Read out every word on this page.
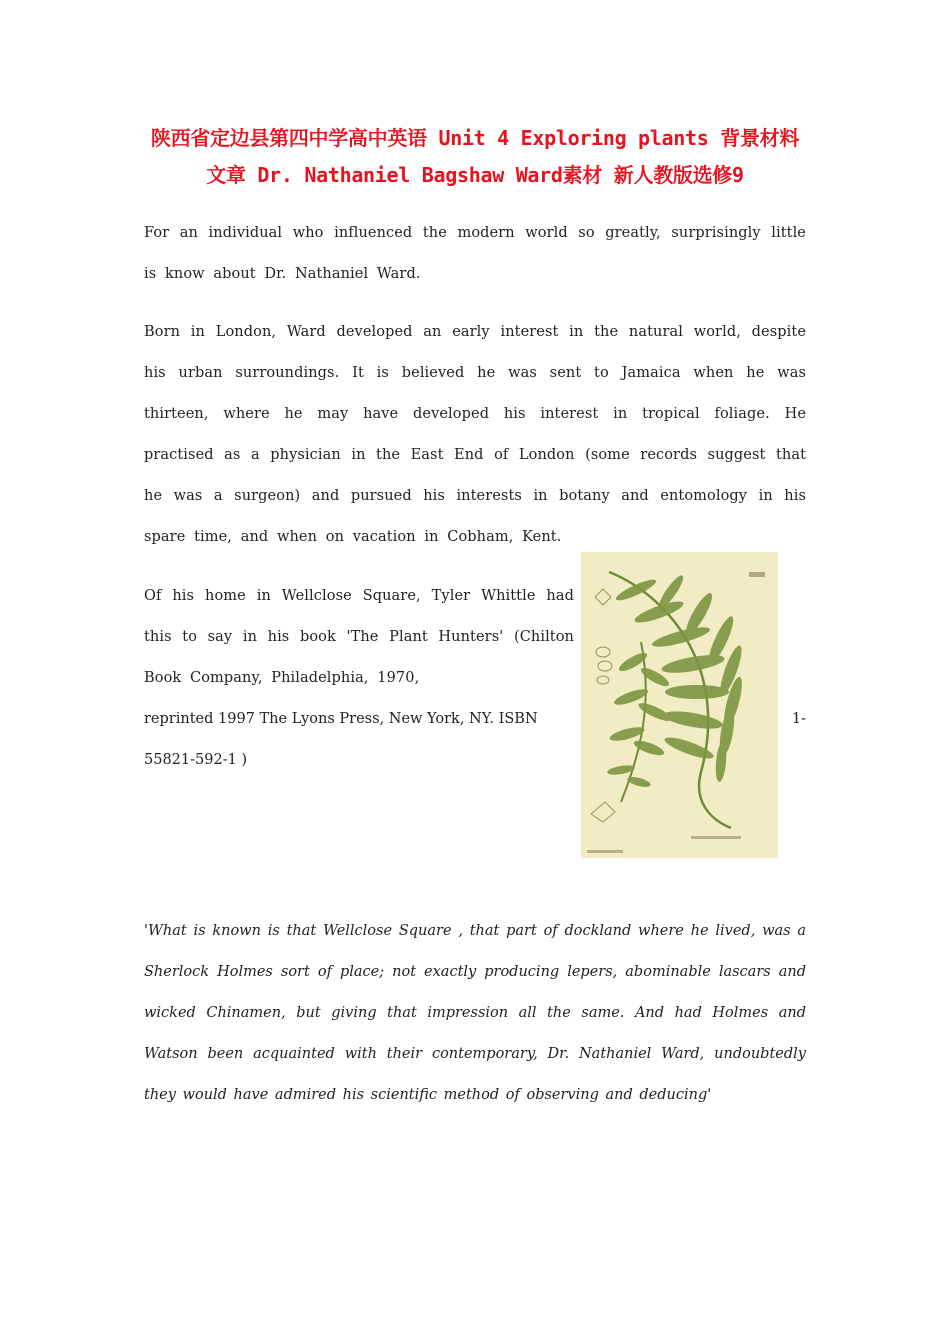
陕西省定边县第四中学高中英语 Unit 4 Exploring plants 背景材料 文章 Dr. Nathaniel Bagshaw Ward素材 新人教版选修9
For an individual who influenced the modern world so greatly, surprisingly little is know about Dr. Nathaniel Ward.
Born in London, Ward developed an early interest in the natural world, despite his urban surroundings. It is believed he was sent to Jamaica when he was thirteen, where he may have developed his interest in tropical foliage. He practised as a physician in the East End of London (some records suggest that he was a surgeon) and pursued his interests in botany and entomology in his spare time, and when on vacation in Cobham, Kent.
Of his home in Wellclose Square, Tyler Whittle had this to say in his book 'The Plant Hunters' (Chilton Book Company, Philadelphia, 1970,
reprinted 1997 The Lyons Press, New York, NY. ISBN	1-
55821-592-1 )
'What is known is that Wellclose Square , that part of dockland where he lived, was a Sherlock Holmes sort of place; not exactly producing lepers, abominable lascars and wicked Chinamen, but giving that impression all the same. And had Holmes and Watson been acquainted with their contemporary, Dr. Nathaniel Ward, undoubtedly they would have admired his scientific method of observing and deducing'
